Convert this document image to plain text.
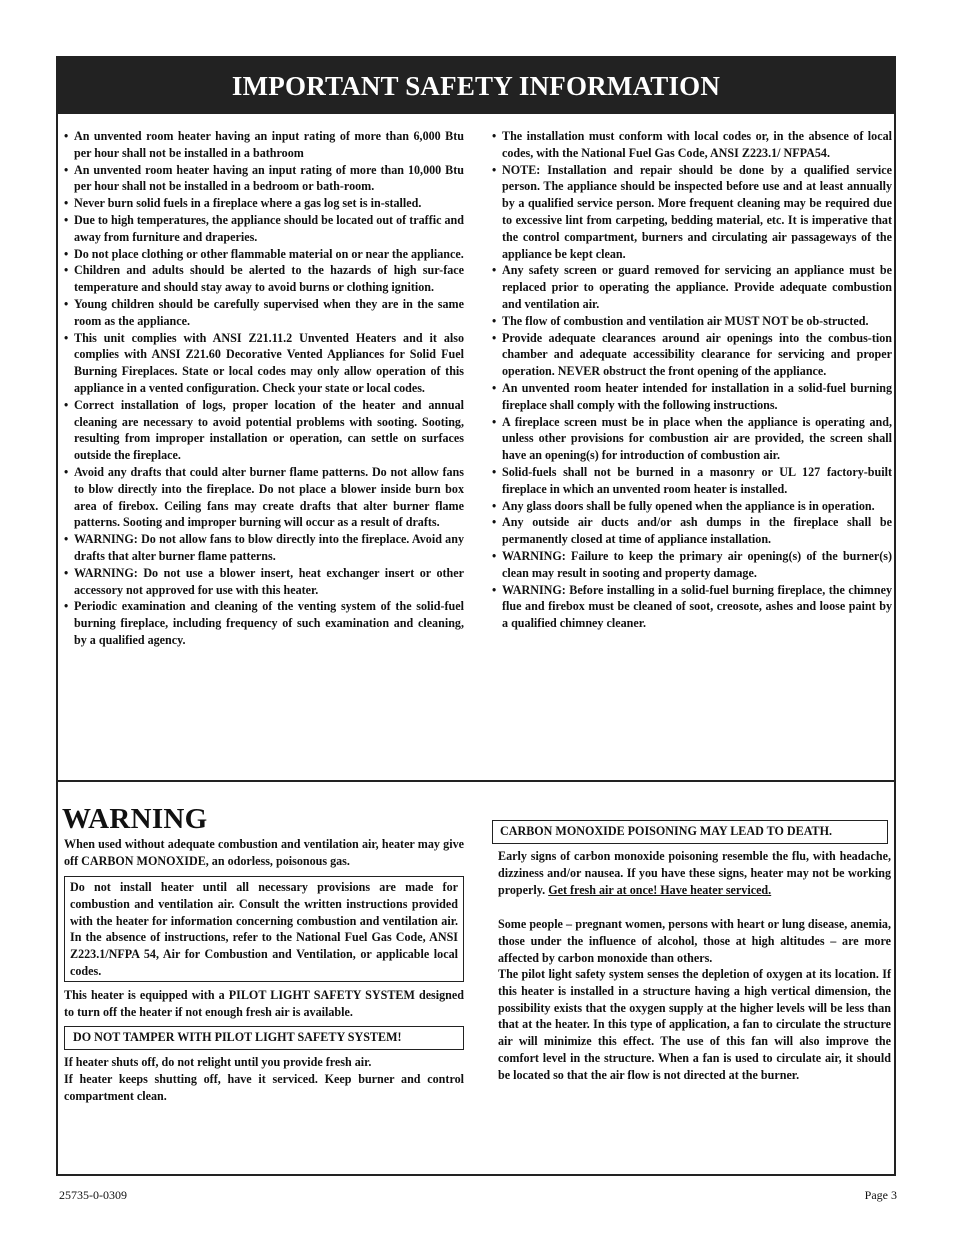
IMPORTANT SAFETY INFORMATION
• An unvented room heater having an input rating of more than 6,000 Btu per hour shall not be installed in a bathroom
• An unvented room heater having an input rating of more than 10,000 Btu per hour shall not be installed in a bedroom or bath-room.
• Never burn solid fuels in a fireplace where a gas log set is in-stalled.
• Due to high temperatures, the appliance should be located out of traffic and away from furniture and draperies.
• Do not place clothing or other flammable material on or near the appliance.
• Children and adults should be alerted to the hazards of high sur-face temperature and should stay away to avoid burns or clothing ignition.
• Young children should be carefully supervised when they are in the same room as the appliance.
• This unit complies with ANSI Z21.11.2 Unvented Heaters and it also complies with ANSI Z21.60 Decorative Vented Appliances for Solid Fuel Burning Fireplaces. State or local codes may only allow operation of this appliance in a vented configuration. Check your state or local codes.
• Correct installation of logs, proper location of the heater and annual cleaning are necessary to avoid potential problems with sooting. Sooting, resulting from improper installation or operation, can settle on surfaces outside the fireplace.
• Avoid any drafts that could alter burner flame patterns. Do not allow fans to blow directly into the fireplace. Do not place a blower inside burn box area of firebox. Ceiling fans may create drafts that alter burner flame patterns. Sooting and improper burning will occur as a result of drafts.
• WARNING: Do not allow fans to blow directly into the fireplace. Avoid any drafts that alter burner flame patterns.
• WARNING: Do not use a blower insert, heat exchanger insert or other accessory not approved for use with this heater.
• Periodic examination and cleaning of the venting system of the solid-fuel burning fireplace, including frequency of such examination and cleaning, by a qualified agency.
• The installation must conform with local codes or, in the absence of local codes, with the National Fuel Gas Code, ANSI Z223.1/ NFPA54.
• NOTE: Installation and repair should be done by a qualified service person. The appliance should be inspected before use and at least annually by a qualified service person. More frequent cleaning may be required due to excessive lint from carpeting, bedding material, etc. It is imperative that the control compartment, burners and circulating air passageways of the appliance be kept clean.
• Any safety screen or guard removed for servicing an appliance must be replaced prior to operating the appliance. Provide adequate combustion and ventilation air.
• The flow of combustion and ventilation air MUST NOT be ob-structed.
• Provide adequate clearances around air openings into the combus-tion chamber and adequate accessibility clearance for servicing and proper operation. NEVER obstruct the front opening of the appliance.
• An unvented room heater intended for installation in a solid-fuel burning fireplace shall comply with the following instructions.
• A fireplace screen must be in place when the appliance is operating and, unless other provisions for combustion air are provided, the screen shall have an opening(s) for introduction of combustion air.
• Solid-fuels shall not be burned in a masonry or UL 127 factory-built fireplace in which an unvented room heater is installed.
• Any glass doors shall be fully opened when the appliance is in operation.
• Any outside air ducts and/or ash dumps in the fireplace shall be permanently closed at time of appliance installation.
• WARNING: Failure to keep the primary air opening(s) of the burner(s) clean may result in sooting and property damage.
• WARNING: Before installing in a solid-fuel burning fireplace, the chimney flue and firebox must be cleaned of soot, creosote, ashes and loose paint by a qualified chimney cleaner.
WARNING
When used without adequate combustion and ventilation air, heater may give off CARBON MONOXIDE, an odorless, poisonous gas.
Do not install heater until all necessary provisions are made for combustion and ventilation air. Consult the written instructions provided with the heater for information concerning combustion and ventilation air. In the absence of instructions, refer to the National Fuel Gas Code, ANSI Z223.1/NFPA 54, Air for Combustion and Ventilation, or applicable local codes.
This heater is equipped with a PILOT LIGHT SAFETY SYSTEM designed to turn off the heater if not enough fresh air is available.
DO NOT TAMPER WITH PILOT LIGHT SAFETY SYSTEM!
If heater shuts off, do not relight until you provide fresh air.
If heater keeps shutting off, have it serviced. Keep burner and control compartment clean.
CARBON MONOXIDE POISONING MAY LEAD TO DEATH.
Early signs of carbon monoxide poisoning resemble the flu, with headache, dizziness and/or nausea. If you have these signs, heater may not be working properly. Get fresh air at once! Have heater serviced.
Some people – pregnant women, persons with heart or lung disease, anemia, those under the influence of alcohol, those at high altitudes – are more affected by carbon monoxide than others.
The pilot light safety system senses the depletion of oxygen at its location. If this heater is installed in a structure having a high vertical dimension, the possibility exists that the oxygen supply at the higher levels will be less than that at the heater. In this type of application, a fan to circulate the structure air will minimize this effect. The use of this fan will also improve the comfort level in the structure. When a fan is used to circulate air, it should be located so that the air flow is not directed at the burner.
25735-0-0309	Page 3
